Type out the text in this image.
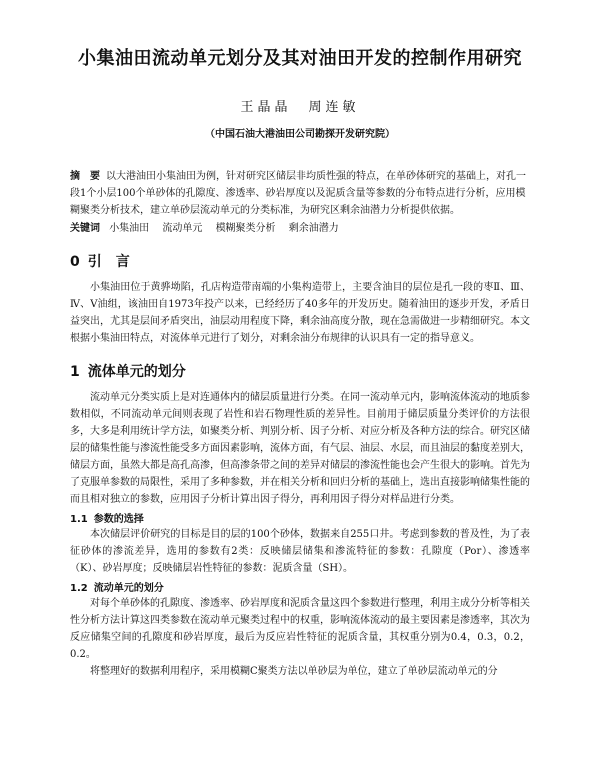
小集油田流动单元划分及其对油田开发的控制作用研究
王晶晶　周连敏
（中国石油大港油田公司勘探开发研究院）
摘　要 以大港油田小集油田为例，针对研究区储层非均质性强的特点，在单砂体研究的基础上，对孔一段1个小层100个单砂体的孔隙度、渗透率、砂岩厚度以及泥质含量等参数的分布特点进行分析，应用模糊聚类分析技术，建立单砂层流动单元的分类标准，为研究区剩余油潜力分析提供依据。
关键词 小集油田 流动单元 模糊聚类分析 剩余油潜力
0 引　言

小集油田位于黄骅坳陷，孔店构造带南端的小集构造带上，主要含油目的层位是孔一段的枣Ⅱ、Ⅲ、Ⅳ、Ⅴ油组，该油田自1973年投产以来，已经经历了40多年的开发历史。随着油田的逐步开发，矛盾日益突出，尤其是层间矛盾突出，油层动用程度下降，剩余油高度分散，现在急需做进一步精细研究。本文根据小集油田特点，对流体单元进行了划分，对剩余油分布规律的认识具有一定的指导意义。

1 流体单元的划分

流动单元分类实质上是对连通体内的储层质量进行分类。在同一流动单元内，影响流体流动的地质参数相似，不同流动单元间则表现了岩性和岩石物理性质的差异性。目前用于储层质量分类评价的方法很多，大多是利用统计学方法，如聚类分析、判别分析、因子分析、对应分析及各种方法的综合。研究区储层的储集性能与渗流性能受多方面因素影响，流体方面，有气层、油层、水层，而且油层的黏度差别大，储层方面，虽然大都是高孔高渗，但高渗条带之间的差异对储层的渗流性能也会产生很大的影响。首先为了克服单参数的局限性，采用了多种参数，并在相关分析和回归分析的基础上，选出直接影响储集性能的而且相对独立的参数，应用因子分析计算出因子得分，再利用因子得分对样品进行分类。

1.1 参数的选择

本次储层评价研究的目标是目的层的100个砂体，数据来自255口井。考虑到参数的普及性，为了表征砂体的渗流差异，选用的参数有2类：反映储层储集和渗流特征的参数：孔隙度（Por）、渗透率（K）、砂岩厚度；反映储层岩性特征的参数：泥质含量（SH）。

1.2 流动单元的划分

对每个单砂体的孔隙度、渗透率、砂岩厚度和泥质含量这四个参数进行整理，利用主成分分析等相关性分析方法计算这四类参数在流动单元聚类过程中的权重，影响流体流动的最主要因素是渗透率，其次为反应储集空间的孔隙度和砂岩厚度，最后为反应岩性特征的泥质含量，其权重分别为0.4，0.3，0.2，0.2。

将整理好的数据利用程序，采用模糊C聚类方法以单砂层为单位，建立了单砂层流动单元的分
